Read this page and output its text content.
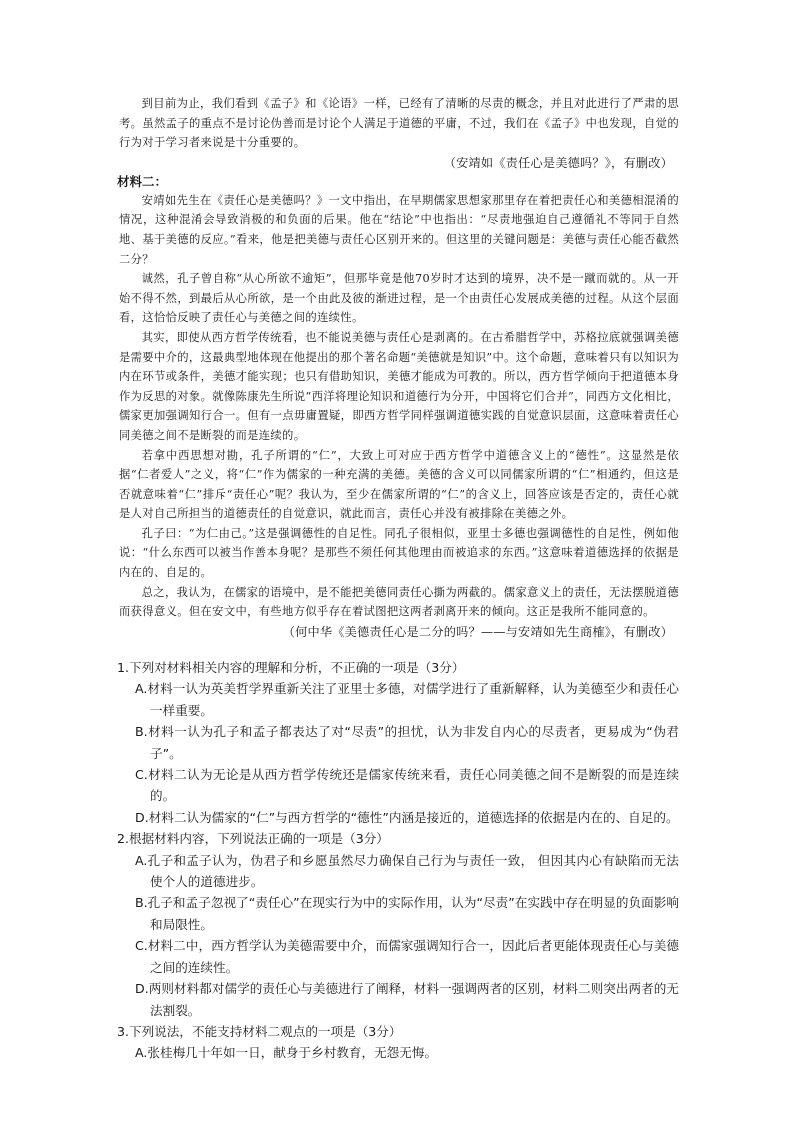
到目前为止，我们看到《孟子》和《论语》一样，已经有了清晰的尽责的概念，并且对此进行了严肃的思考。虽然孟子的重点不是讨论伪善而是讨论个人满足于道德的平庸，不过，我们在《孟子》中也发现，自觉的行为对于学习者来说是十分重要的。

（安靖如《责任心是美德吗？》，有删改）

材料二：

安靖如先生在《责任心是美德吗？》一文中指出，在早期儒家思想家那里存在着把责任心和美德相混淆的情况，这种混淆会导致消极的和负面的后果。他在“结论”中也指出：“尽责地强迫自己遵循礼不等同于自然地、基于美德的反应。”看来，他是把美德与责任心区别开来的。但这里的关键问题是：美德与责任心能否截然二分？

诚然，孔子曾自称“从心所欲不逾矩”，但那毕竟是他70岁时才达到的境界，决不是一蹴而就的。从一开始不得不然，到最后从心所欲，是一个由此及彼的渐进过程，是一个由责任心发展成美德的过程。从这个层面看，这恰恰反映了责任心与美德之间的连续性。

其实，即使从西方哲学传统看，也不能说美德与责任心是剥离的。在古希腊哲学中，苏格拉底就强调美德是需要中介的，这最典型地体现在他提出的那个著名命题“美德就是知识”中。这个命题，意味着只有以知识为内在环节或条件，美德才能实现；也只有借助知识，美德才能成为可教的。所以，西方哲学倾向于把道德本身作为反思的对象。就像陈康先生所说“西洋将理论知识和道德行为分开，中国将它们合并”，同西方文化相比，儒家更加强调知行合一。但有一点毋庸置疑，即西方哲学同样强调道德实践的自觉意识层面，这意味着责任心同美德之间不是断裂的而是连续的。

若拿中西思想对勘，孔子所谓的“仁”，大致上可对应于西方哲学中道德含义上的“德性”。这显然是依据“仁者爱人”之义，将“仁”作为儒家的一种充满的美德。美德的含义可以同儒家所谓的“仁”相通约，但这是否就意味着“仁”排斥“责任心”呢？我认为，至少在儒家所谓的“仁”的含义上，回答应该是否定的，责任心就是人对自己所担当的道德责任的自觉意识，就此而言，责任心并没有被排除在美德之外。

孔子曰：“为仁由己。”这是强调德性的自足性。同孔子很相似，亚里士多德也强调德性的自足性，例如他说：“什么东西可以被当作善本身呢？是那些不须任何其他理由而被追求的东西。”这意味着道德选择的依据是内在的、自足的。

总之，我认为，在儒家的语境中，是不能把美德同责任心撕为两截的。儒家意义上的责任，无法摆脱道德而获得意义。但在安文中，有些地方似乎存在着试图把这两者剥离开来的倾向。这正是我所不能同意的。

（何中华《美德责任心是二分的吗？——与安靖如先生商榷》，有删改）

1.下列对材料相关内容的理解和分析，不正确的一项是（3分）

A.材料一认为英美哲学界重新关注了亚里士多德，对儒学进行了重新解释，认为美德至少和责任心一样重要。

B.材料一认为孔子和孟子都表达了对“尽责”的担忧，认为非发自内心的尽责者，更易成为“伪君子”。

C.材料二认为无论是从西方哲学传统还是儒家传统来看，责任心同美德之间不是断裂的而是连续的。

D.材料二认为儒家的“仁”与西方哲学的“德性”内涵是接近的，道德选择的依据是内在的、自足的。

2.根据材料内容，下列说法正确的一项是（3分）

A.孔子和孟子认为，伪君子和乡愿虽然尽力确保自己行为与责任一致， 但因其内心有缺陷而无法使个人的道德进步。

B.孔子和孟子忽视了“责任心”在现实行为中的实际作用，认为“尽责”在实践中存在明显的负面影响和局限性。

C.材料二中，西方哲学认为美德需要中介，而儒家强调知行合一，因此后者更能体现责任心与美德之间的连续性。

D.两则材料都对儒学的责任心与美德进行了阐释，材料一强调两者的区别，材料二则突出两者的无法割裂。

3.下列说法，不能支持材料二观点的一项是（3分）

A.张桂梅几十年如一日，献身于乡村教育，无怨无悔。
